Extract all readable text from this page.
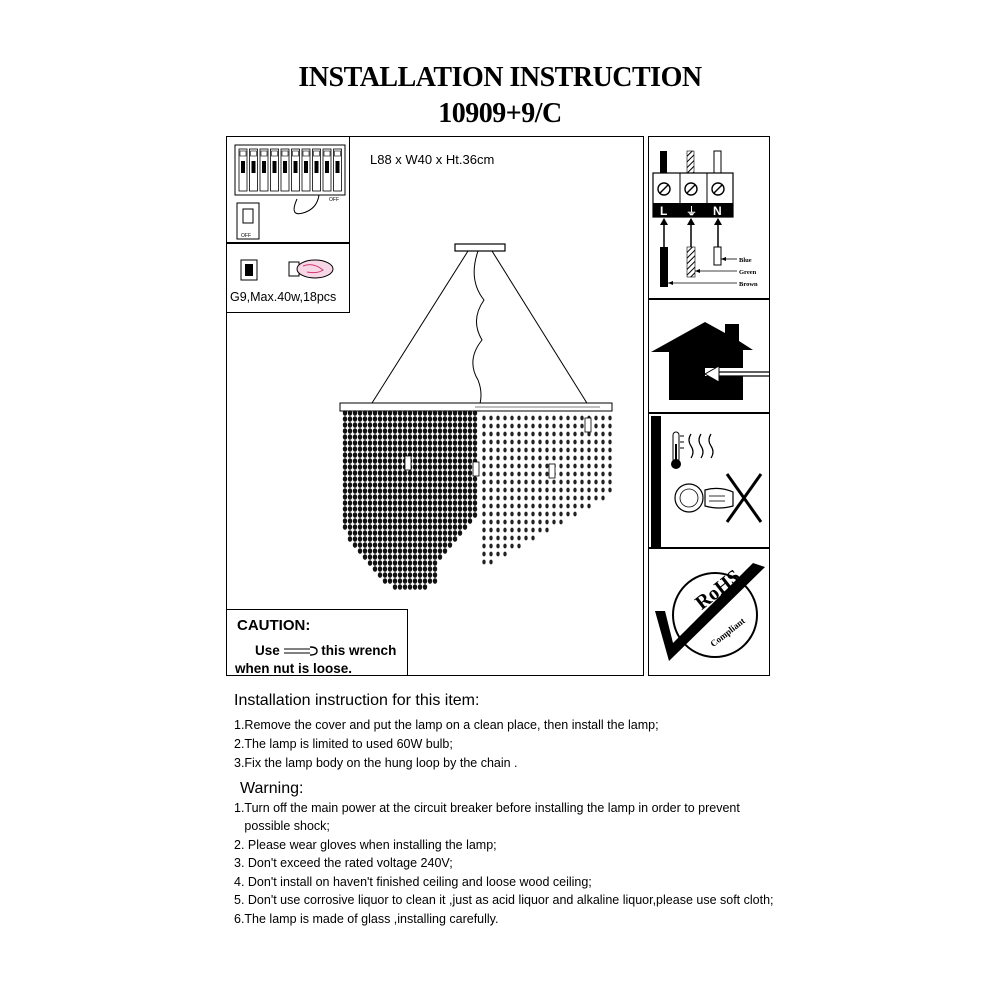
INSTALLATION INSTRUCTION
10909+9/C
L88 x W40 x Ht.36cm
OFF
OFF
G9,Max.40w,18pcs
CAUTION:
Use	this wrench
when nut is loose.
L ⏚ N
Blue
Green
Brown
RoHS
Compliant
Installation instruction for this item:
1.Remove the cover and put the lamp on a clean place, then install the lamp;
2.The lamp is limited to used 60W bulb;
3.Fix the lamp body on the hung loop by the chain .
Warning:
1.Turn off the main power at the circuit breaker before installing the lamp in order to prevent
possible shock;
2. Please wear gloves when installing the lamp;
3. Don't exceed the rated voltage 240V;
4. Don't install on haven't finished ceiling and loose wood ceiling;
5. Don't use corrosive liquor to clean it ,just as acid liquor and alkaline liquor,please use soft cloth;
6.The lamp is made of glass ,installing carefully.
